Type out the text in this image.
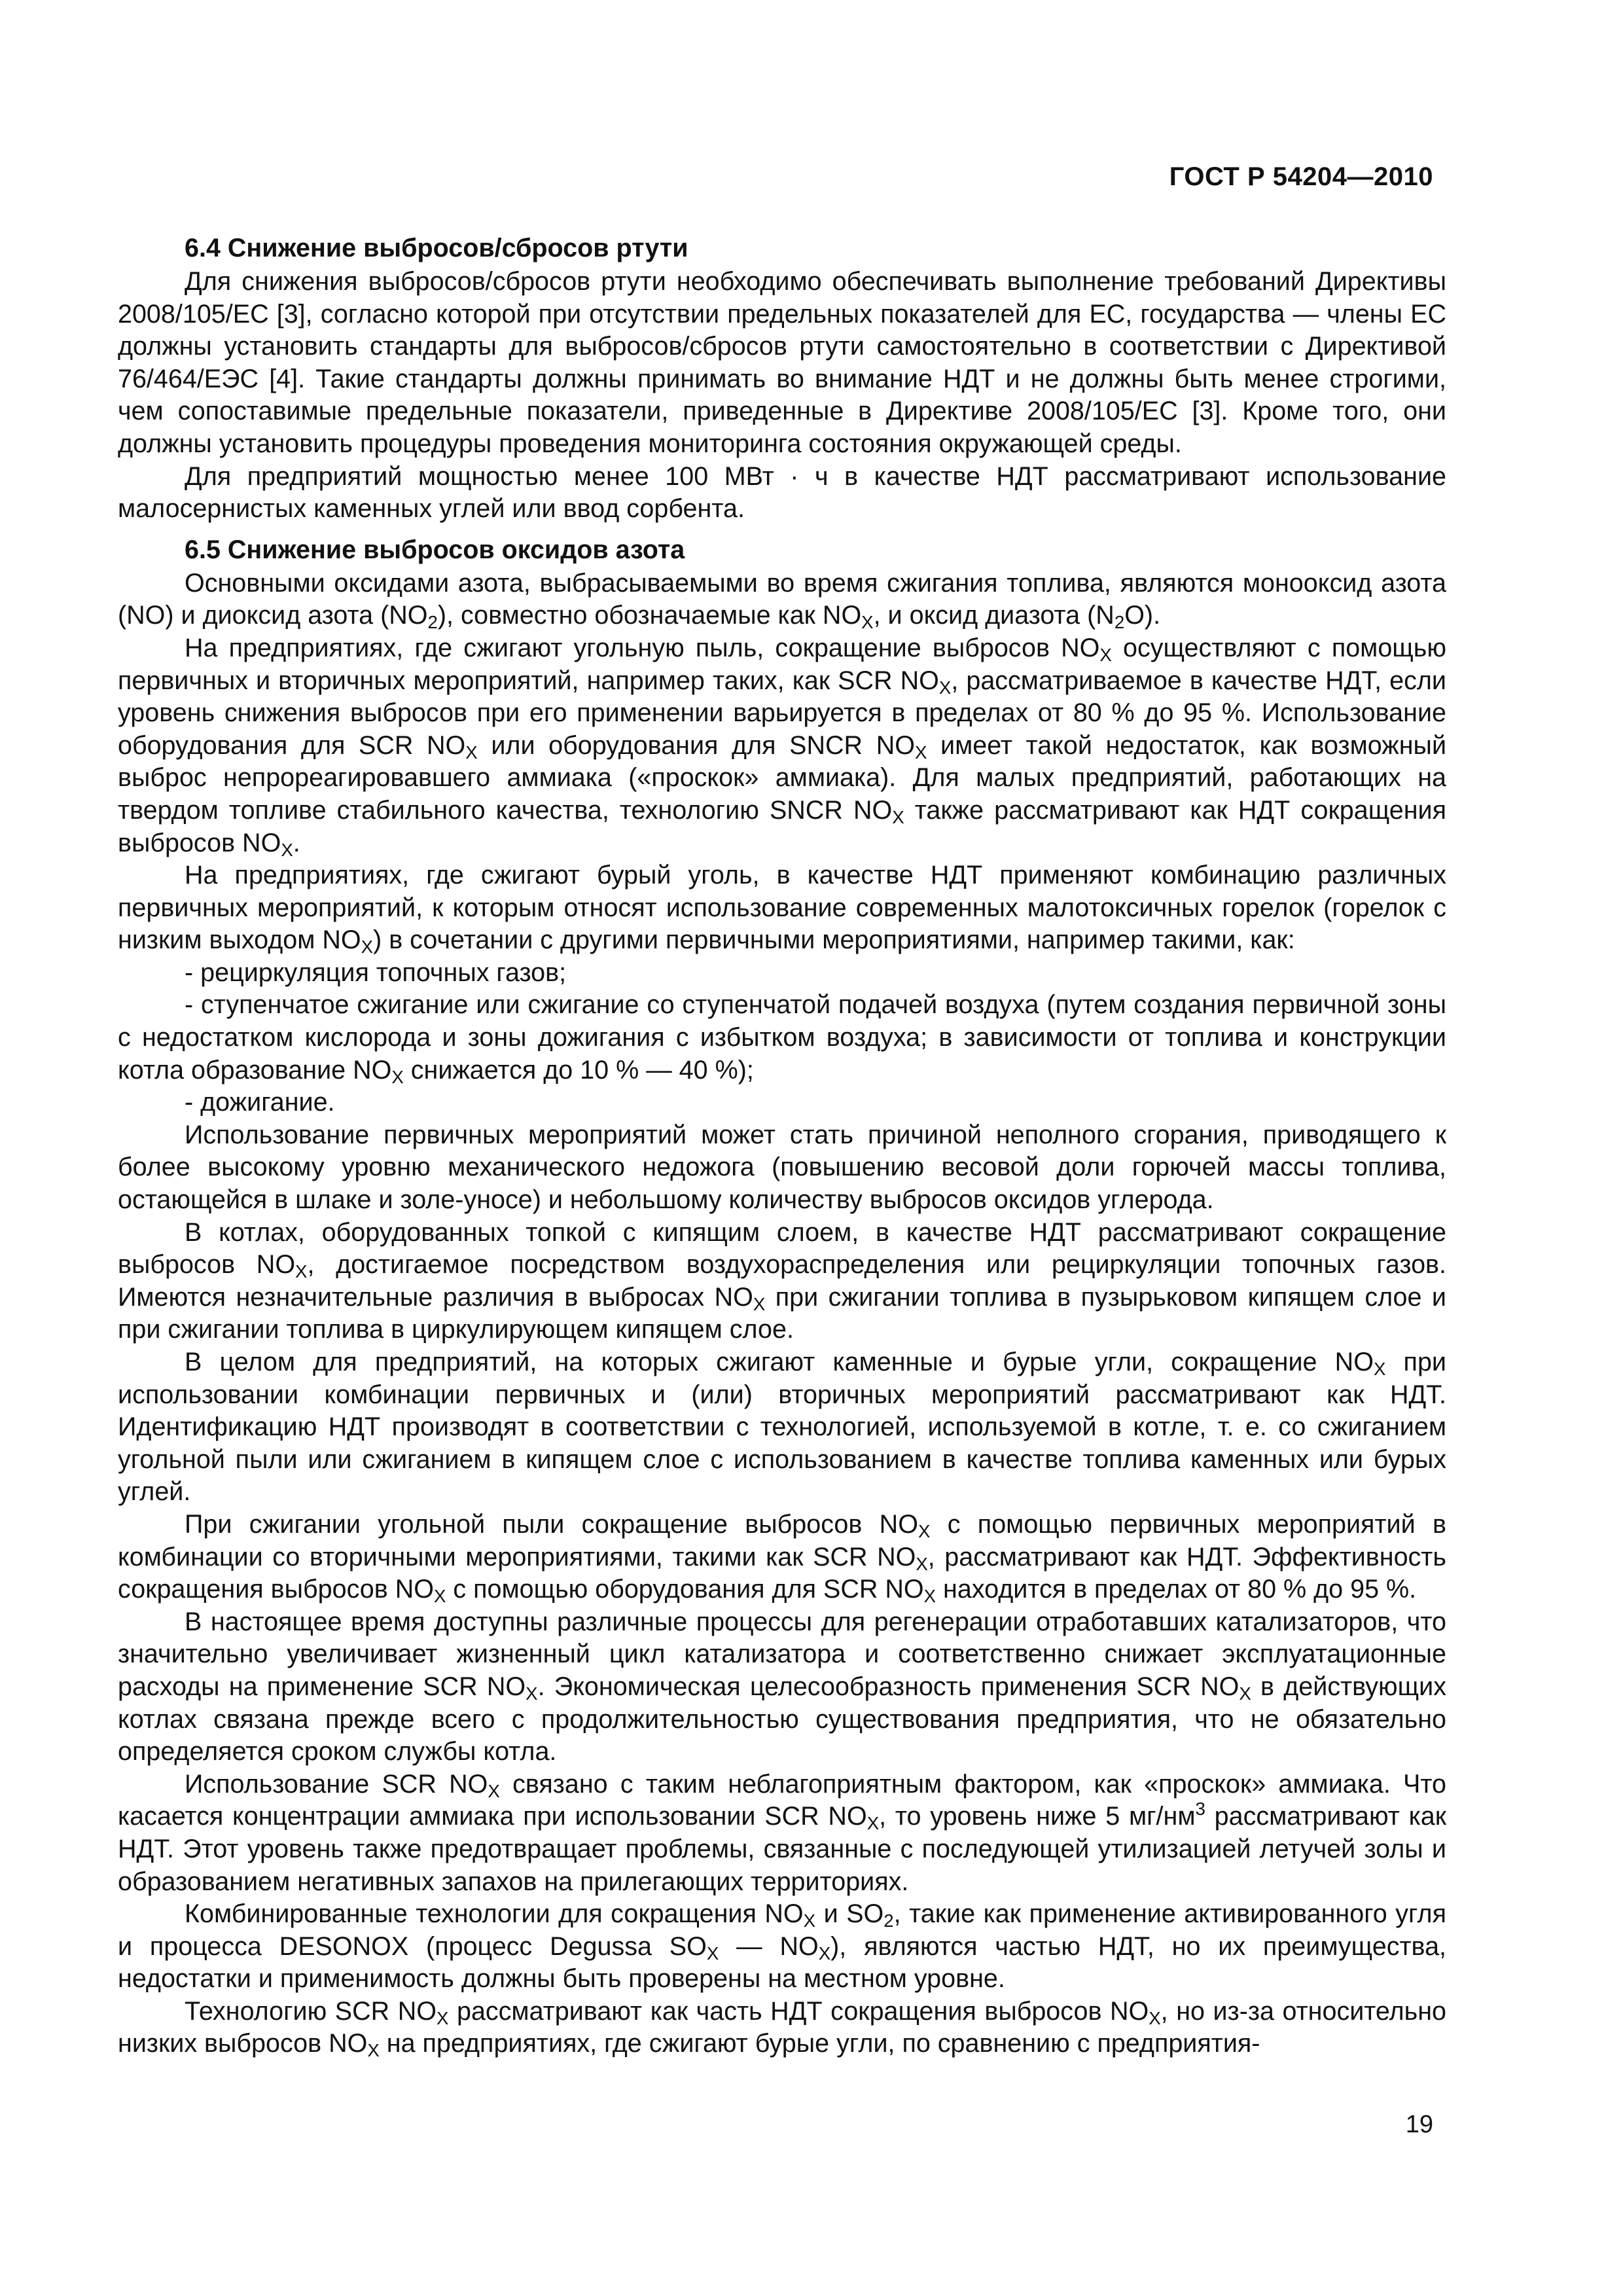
ГОСТ Р 54204—2010
6.4 Снижение выбросов/сбросов ртути

Для снижения выбросов/сбросов ртути необходимо обеспечивать выполнение требований Директивы 2008/105/ЕС [3], согласно которой при отсутствии предельных показателей для ЕС, государства — члены ЕС должны установить стандарты для выбросов/сбросов ртути самостоятельно в соответствии с Директивой 76/464/ЕЭС [4]. Такие стандарты должны принимать во внимание НДТ и не должны быть менее строгими, чем сопоставимые предельные показатели, приведенные в Директиве 2008/105/ЕС [3]. Кроме того, они должны установить процедуры проведения мониторинга состояния окружающей среды.

Для предприятий мощностью менее 100 МВт · ч в качестве НДТ рассматривают использование малосернистых каменных углей или ввод сорбента.

6.5 Снижение выбросов оксидов азота

Основными оксидами азота, выбрасываемыми во время сжигания топлива, являются монооксид азота (NO) и диоксид азота $(NO_2)$, совместно обозначаемые как $NO_X$, и оксид диазота $(N_2O)$.

На предприятиях, где сжигают угольную пыль, сокращение выбросов $NO_X$ осуществляют с помощью первичных и вторичных мероприятий, например таких, как SCR $NO_X$, рассматриваемое в качестве НДТ, если уровень снижения выбросов при его применении варьируется в пределах от 80 % до 95 %. Использование оборудования для SCR $NO_X$ или оборудования для SNCR $NO_X$ имеет такой недостаток, как возможный выброс непрореагировавшего аммиака («проскок» аммиака). Для малых предприятий, работающих на твердом топливе стабильного качества, технологию SNCR $NO_X$ также рассматривают как НДТ сокращения выбросов $NO_X$.

На предприятиях, где сжигают бурый уголь, в качестве НДТ применяют комбинацию различных первичных мероприятий, к которым относят использование современных малотоксичных горелок (горелок с низким выходом $NO_X$) в сочетании с другими первичными мероприятиями, например такими, как:

- рециркуляция топочных газов;

- ступенчатое сжигание или сжигание со ступенчатой подачей воздуха (путем создания первичной зоны с недостатком кислорода и зоны дожигания с избытком воздуха; в зависимости от топлива и конструкции котла образование $NO_X$ снижается до 10 % — 40 %);

- дожигание.

Использование первичных мероприятий может стать причиной неполного сгорания, приводящего к более высокому уровню механического недожога (повышению весовой доли горючей массы топлива, остающейся в шлаке и золе-уносе) и небольшому количеству выбросов оксидов углерода.

В котлах, оборудованных топкой с кипящим слоем, в качестве НДТ рассматривают сокращение выбросов $NO_X$, достигаемое посредством воздухораспределения или рециркуляции топочных газов. Имеются незначительные различия в выбросах $NO_X$ при сжигании топлива в пузырьковом кипящем слое и при сжигании топлива в циркулирующем кипящем слое.

В целом для предприятий, на которых сжигают каменные и бурые угли, сокращение $NO_X$ при использовании комбинации первичных и (или) вторичных мероприятий рассматривают как НДТ. Идентификацию НДТ производят в соответствии с технологией, используемой в котле, т. е. со сжиганием угольной пыли или сжиганием в кипящем слое с использованием в качестве топлива каменных или бурых углей.

При сжигании угольной пыли сокращение выбросов $NO_X$ с помощью первичных мероприятий в комбинации со вторичными мероприятиями, такими как SCR $NO_X$, рассматривают как НДТ. Эффективность сокращения выбросов $NO_X$ с помощью оборудования для SCR $NO_X$ находится в пределах от 80 % до 95 %.

В настоящее время доступны различные процессы для регенерации отработавших катализаторов, что значительно увеличивает жизненный цикл катализатора и соответственно снижает эксплуатационные расходы на применение SCR $NO_X$. Экономическая целесообразность применения SCR $NO_X$ в действующих котлах связана прежде всего с продолжительностью существования предприятия, что не обязательно определяется сроком службы котла.

Использование SCR $NO_X$ связано с таким неблагоприятным фактором, как «проскок» аммиака. Что касается концентрации аммиака при использовании SCR $NO_X$, то уровень ниже 5 $мг/нм^3$ рассматривают как НДТ. Этот уровень также предотвращает проблемы, связанные с последующей утилизацией летучей золы и образованием негативных запахов на прилегающих территориях.

Комбинированные технологии для сокращения $NO_X$ и $SO_2$, такие как применение активированного угля и процесса DESONOX (процесс Degussa $SO_X$ — $NO_X$), являются частью НДТ, но их преимущества, недостатки и применимость должны быть проверены на местном уровне.

Технологию SCR $NO_X$ рассматривают как часть НДТ сокращения выбросов $NO_X$, но из-за относительно низких выбросов $NO_X$ на предприятиях, где сжигают бурые угли, по сравнению с предприятия-

19
